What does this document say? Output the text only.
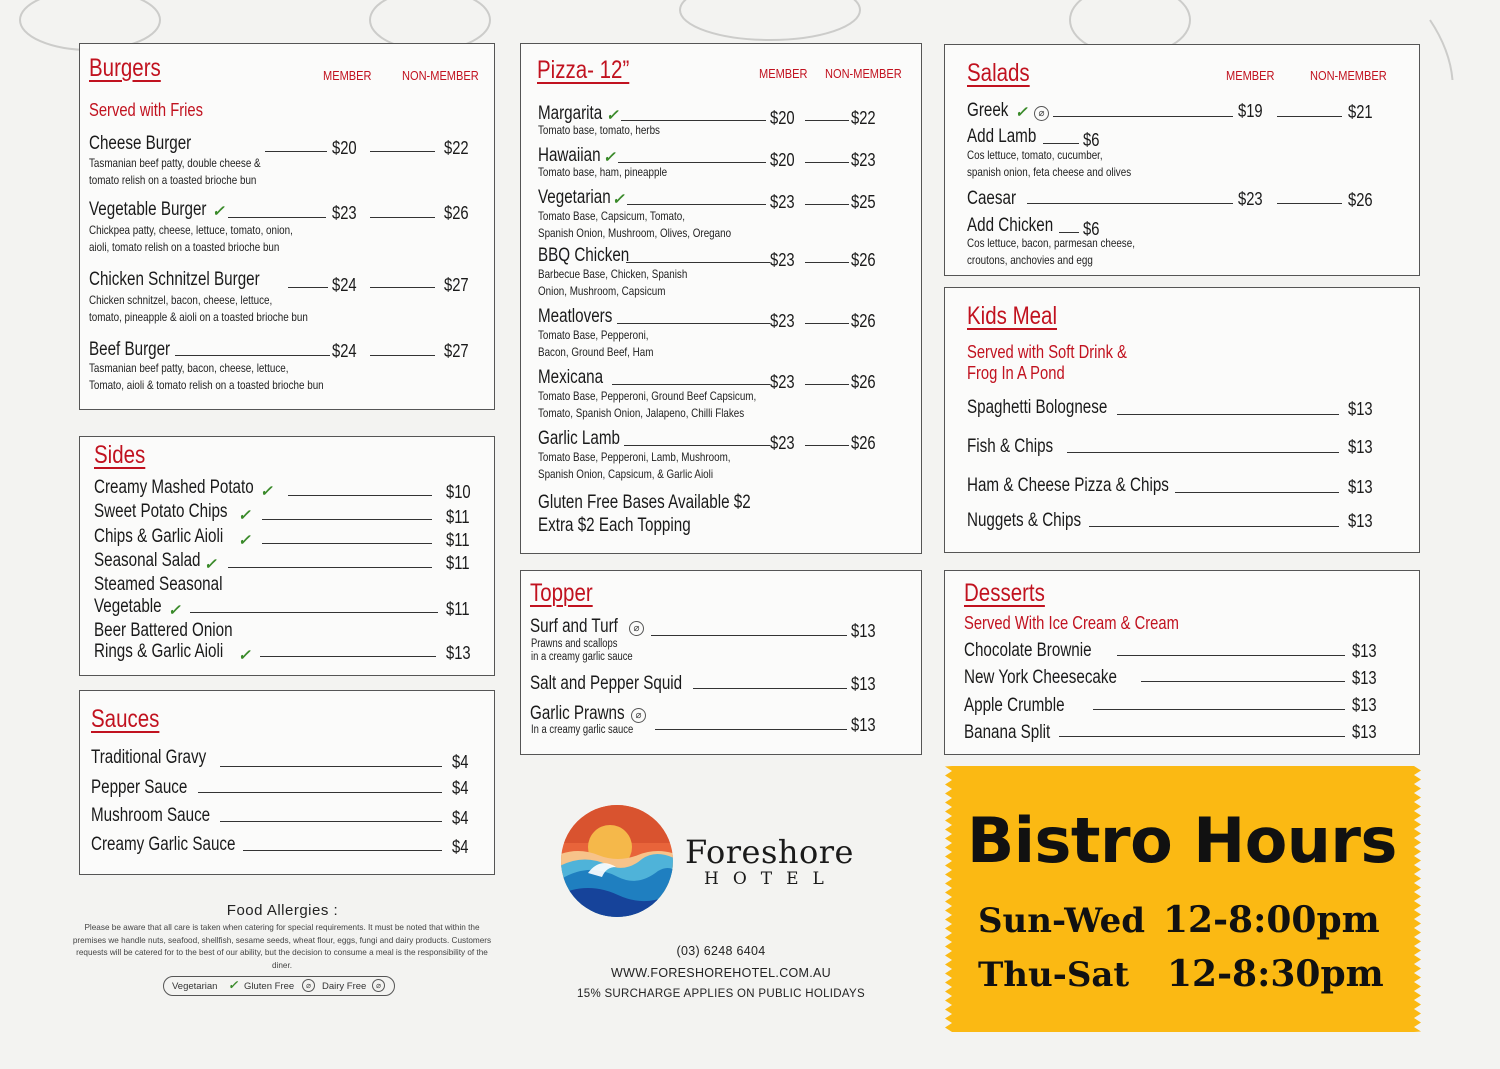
Burgers	MEMBER NON-MEMBER
Served with Fries
Cheese Burger	$20	$22
Tasmanian beef patty, double cheese &
tomato relish on a toasted brioche bun
Vegetable Burger ✓	$23	$26
Chickpea patty, cheese, lettuce, tomato, onion,
aioli, tomato relish on a toasted brioche bun
Chicken Schnitzel Burger	$24	$27
Chicken schnitzel, bacon, cheese, lettuce,
tomato, pineapple & aioli on a toasted brioche bun
Beef Burger	$24	$27
Tasmanian beef patty, bacon, cheese, lettuce,
Tomato, aioli & tomato relish on a toasted brioche bun
Sides
Creamy Mashed Potato ✓	$10
Sweet Potato Chips ✓	$11
Chips & Garlic Aioli ✓	$11
Seasonal Salad ✓	$11
Steamed Seasonal
Vegetable ✓	$11
Beer Battered Onion
Rings & Garlic Aioli ✓	$13
Sauces
Traditional Gravy	$4
Pepper Sauce	$4
Mushroom Sauce	$4
Creamy Garlic Sauce	$4
Food Allergies :
Please be aware that all care is taken when catering for special requirements. It must be noted that within the premises we handle nuts, seafood, shellfish, sesame seeds, wheat flour, eggs, fungi and dairy products. Customers requests will be catered for to the best of our ability, but the decision to consume a meal is the responsibility of the diner.
Vegetarian ✓ Gluten Free	⌀	Dairy Free	⌀
Pizza- 12”	MEMBER NON-MEMBER
Margarita ✓	$20	$22
Tomato base, tomato, herbs
Hawaiian ✓	$20	$23
Tomato base, ham, pineapple
Vegetarian ✓	$23	$25
Tomato Base, Capsicum, Tomato,
Spanish Onion, Mushroom, Olives, Oregano
BBQ Chicken	$23	$26
Barbecue Base, Chicken, Spanish
Onion, Mushroom, Capsicum
Meatlovers	$23	$26
Tomato Base, Pepperoni,
Bacon, Ground Beef, Ham
Mexicana	$23	$26
Tomato Base, Pepperoni, Ground Beef Capsicum,
Tomato, Spanish Onion, Jalapeno, Chilli Flakes
Garlic Lamb	$23	$26
Tomato Base, Pepperoni, Lamb, Mushroom,
Spanish Onion, Capsicum, & Garlic Aioli
Gluten Free Bases Available $2
Extra $2 Each Topping
Topper
Surf and Turf	⌀	$13
Prawns and scallops
in a creamy garlic sauce
Salt and Pepper Squid	$13
Garlic Prawns	⌀	$13
In a creamy garlic sauce
Foreshore
HOTEL
(03) 6248 6404
WWW.FORESHOREHOTEL.COM.AU
15% SURCHARGE APPLIES ON PUBLIC HOLIDAYS
Salads	MEMBER	NON-MEMBER
Greek ✓	⌀	$19	$21
Add Lamb	$6
Cos lettuce, tomato, cucumber,
spanish onion, feta cheese and olives
Caesar	$23	$26
Add Chicken $6
Cos lettuce, bacon, parmesan cheese,
croutons, anchovies and egg
Kids Meal
Served with Soft Drink &
Frog In A Pond
Spaghetti Bolognese	$13
Fish & Chips	$13
Ham & Cheese Pizza & Chips	$13
Nuggets & Chips	$13
Desserts
Served With Ice Cream & Cream
Chocolate Brownie	$13
New York Cheesecake	$13
Apple Crumble	$13
Banana Split	$13
Bistro Hours
Sun-Wed 12-8:00pm
Thu-Sat 12-8:30pm
